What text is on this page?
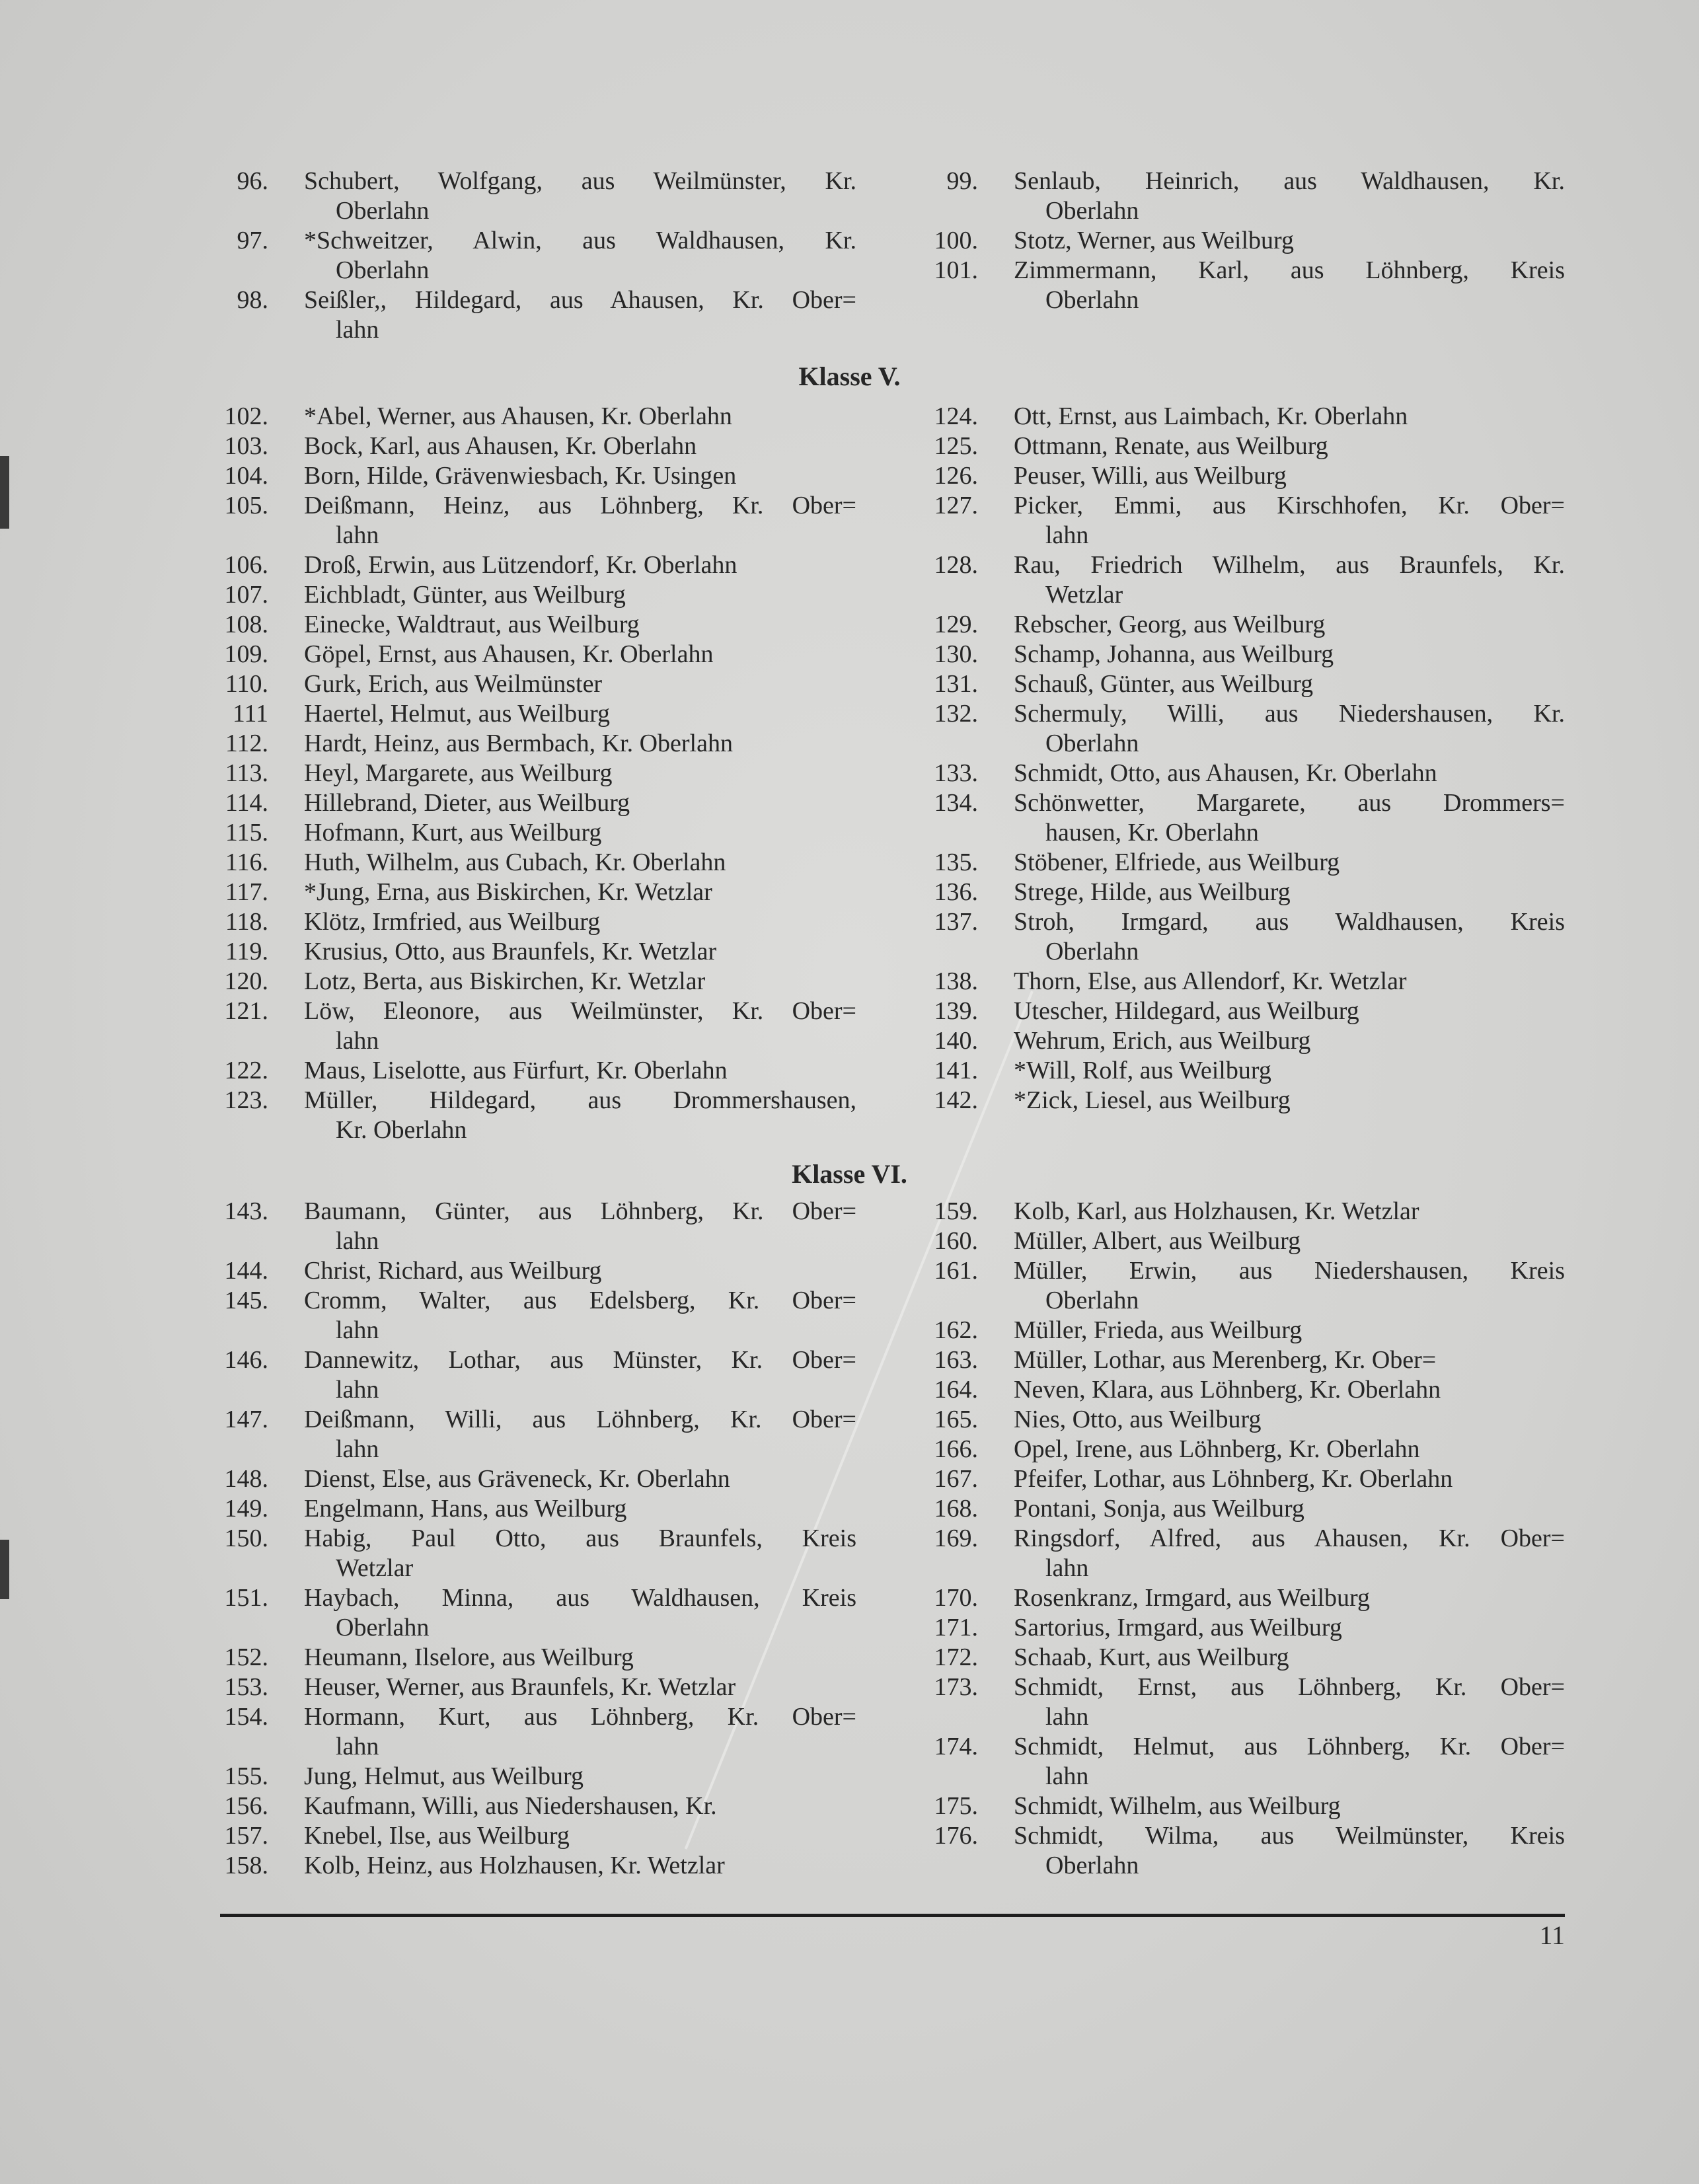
96. Schubert, Wolfgang, aus Weilmünster, Kr.
Oberlahn
97. *Schweitzer, Alwin, aus Waldhausen, Kr.
Oberlahn
98. Seißler,, Hildegard, aus Ahausen, Kr. Ober=
lahn
99. Senlaub, Heinrich, aus Waldhausen, Kr.
Oberlahn
100. Stotz, Werner, aus Weilburg
101. Zimmermann, Karl, aus Löhnberg, Kreis
Oberlahn
Klasse V.
102. *Abel, Werner, aus Ahausen, Kr. Oberlahn
103. Bock, Karl, aus Ahausen, Kr. Oberlahn
104. Born, Hilde, Grävenwiesbach, Kr. Usingen
105. Deißmann, Heinz, aus Löhnberg, Kr. Ober=
lahn
106. Droß, Erwin, aus Lützendorf, Kr. Oberlahn
107. Eichbladt, Günter, aus Weilburg
108. Einecke, Waldtraut, aus Weilburg
109. Göpel, Ernst, aus Ahausen, Kr. Oberlahn
110. Gurk, Erich, aus Weilmünster
111 Haertel, Helmut, aus Weilburg
112. Hardt, Heinz, aus Bermbach, Kr. Oberlahn
113. Heyl, Margarete, aus Weilburg
114. Hillebrand, Dieter, aus Weilburg
115. Hofmann, Kurt, aus Weilburg
116. Huth, Wilhelm, aus Cubach, Kr. Oberlahn
117. *Jung, Erna, aus Biskirchen, Kr. Wetzlar
118. Klötz, Irmfried, aus Weilburg
119. Krusius, Otto, aus Braunfels, Kr. Wetzlar
120. Lotz, Berta, aus Biskirchen, Kr. Wetzlar
121. Löw, Eleonore, aus Weilmünster, Kr. Ober=
lahn
122. Maus, Liselotte, aus Fürfurt, Kr. Oberlahn
123. Müller, Hildegard, aus Drommershausen,
Kr. Oberlahn
124. Ott, Ernst, aus Laimbach, Kr. Oberlahn
125. Ottmann, Renate, aus Weilburg
126. Peuser, Willi, aus Weilburg
127. Picker, Emmi, aus Kirschhofen, Kr. Ober=
lahn
128. Rau, Friedrich Wilhelm, aus Braunfels, Kr.
Wetzlar
129. Rebscher, Georg, aus Weilburg
130. Schamp, Johanna, aus Weilburg
131. Schauß, Günter, aus Weilburg
132. Schermuly, Willi, aus Niedershausen, Kr.
Oberlahn
133. Schmidt, Otto, aus Ahausen, Kr. Oberlahn
134. Schönwetter, Margarete, aus Drommers=
hausen, Kr. Oberlahn
135. Stöbener, Elfriede, aus Weilburg
136. Strege, Hilde, aus Weilburg
137. Stroh, Irmgard, aus Waldhausen, Kreis
Oberlahn
138. Thorn, Else, aus Allendorf, Kr. Wetzlar
139. Utescher, Hildegard, aus Weilburg
140. Wehrum, Erich, aus Weilburg
141. *Will, Rolf, aus Weilburg
142. *Zick, Liesel, aus Weilburg
Klasse VI.
143. Baumann, Günter, aus Löhnberg, Kr. Ober=
lahn
144. Christ, Richard, aus Weilburg
145. Cromm, Walter, aus Edelsberg, Kr. Ober=
lahn
146. Dannewitz, Lothar, aus Münster, Kr. Ober=
lahn
147. Deißmann, Willi, aus Löhnberg, Kr. Ober=
lahn
148. Dienst, Else, aus Gräveneck, Kr. Oberlahn
149. Engelmann, Hans, aus Weilburg
150. Habig, Paul Otto, aus Braunfels, Kreis
Wetzlar
151. Haybach, Minna, aus Waldhausen, Kreis
Oberlahn
152. Heumann, Ilselore, aus Weilburg
153. Heuser, Werner, aus Braunfels, Kr. Wetzlar
154. Hormann, Kurt, aus Löhnberg, Kr. Ober=
lahn
155. Jung, Helmut, aus Weilburg
156. Kaufmann, Willi, aus Niedershausen, Kr.
157. Knebel, Ilse, aus Weilburg
158. Kolb, Heinz, aus Holzhausen, Kr. Wetzlar
159. Kolb, Karl, aus Holzhausen, Kr. Wetzlar
160. Müller, Albert, aus Weilburg
161. Müller, Erwin, aus Niedershausen, Kreis
Oberlahn
162. Müller, Frieda, aus Weilburg
163. Müller, Lothar, aus Merenberg, Kr. Ober=
164. Neven, Klara, aus Löhnberg, Kr. Oberlahn
165. Nies, Otto, aus Weilburg
166. Opel, Irene, aus Löhnberg, Kr. Oberlahn
167. Pfeifer, Lothar, aus Löhnberg, Kr. Oberlahn
168. Pontani, Sonja, aus Weilburg
169. Ringsdorf, Alfred, aus Ahausen, Kr. Ober=
lahn
170. Rosenkranz, Irmgard, aus Weilburg
171. Sartorius, Irmgard, aus Weilburg
172. Schaab, Kurt, aus Weilburg
173. Schmidt, Ernst, aus Löhnberg, Kr. Ober=
lahn
174. Schmidt, Helmut, aus Löhnberg, Kr. Ober=
lahn
175. Schmidt, Wilhelm, aus Weilburg
176. Schmidt, Wilma, aus Weilmünster, Kreis
Oberlahn
11
